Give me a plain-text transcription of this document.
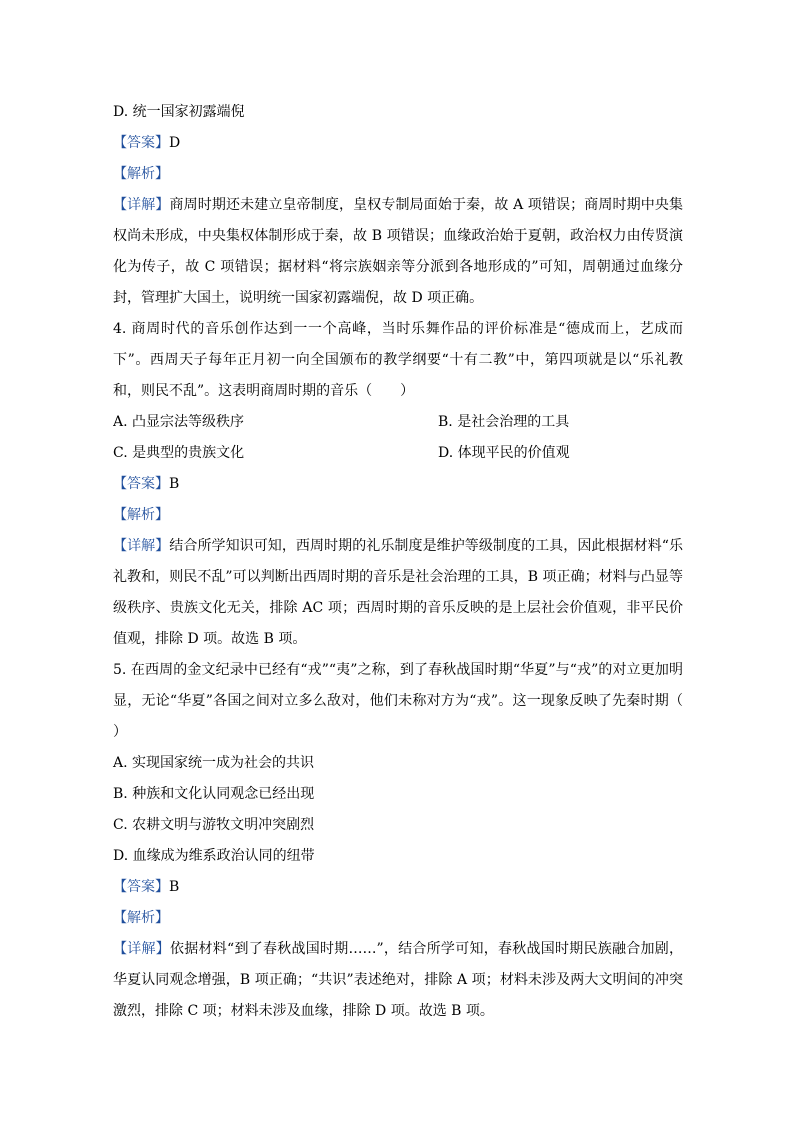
D. 统一国家初露端倪

【答案】D

【解析】

【详解】商周时期还未建立皇帝制度，皇权专制局面始于秦，故 A 项错误；商周时期中央集权尚未形成，中央集权体制形成于秦，故 B 项错误；血缘政治始于夏朝，政治权力由传贤演化为传子，故 C 项错误；据材料“将宗族姻亲等分派到各地形成的”可知，周朝通过血缘分封，管理扩大国土，说明统一国家初露端倪，故 D 项正确。

4. 商周时代的音乐创作达到一一个高峰，当时乐舞作品的评价标准是“德成而上，艺成而下”。西周天子每年正月初一向全国颁布的教学纲要“十有二教”中，第四项就是以“乐礼教和，则民不乱”。这表明商周时期的音乐（　　）

A. 凸显宗法等级秩序	B. 是社会治理的工具

C. 是典型的贵族文化	D. 体现平民的价值观

【答案】B

【解析】

【详解】结合所学知识可知，西周时期的礼乐制度是维护等级制度的工具，因此根据材料“乐礼教和，则民不乱”可以判断出西周时期的音乐是社会治理的工具，B 项正确；材料与凸显等级秩序、贵族文化无关，排除 AC 项；西周时期的音乐反映的是上层社会价值观，非平民价值观，排除 D 项。故选 B 项。

5. 在西周的金文纪录中已经有“戎”“夷”之称，到了春秋战国时期“华夏”与“戎”的对立更加明显，无论“华夏”各国之间对立多么敌对，他们未称对方为“戎”。这一现象反映了先秦时期（　　）

A. 实现国家统一成为社会的共识

B. 种族和文化认同观念已经出现

C. 农耕文明与游牧文明冲突剧烈

D. 血缘成为维系政治认同的纽带

【答案】B

【解析】

【详解】依据材料“到了春秋战国时期……”，结合所学可知，春秋战国时期民族融合加剧，华夏认同观念增强，B 项正确；“共识”表述绝对，排除 A 项；材料未涉及两大文明间的冲突激烈，排除 C 项；材料未涉及血缘，排除 D 项。故选 B 项。
